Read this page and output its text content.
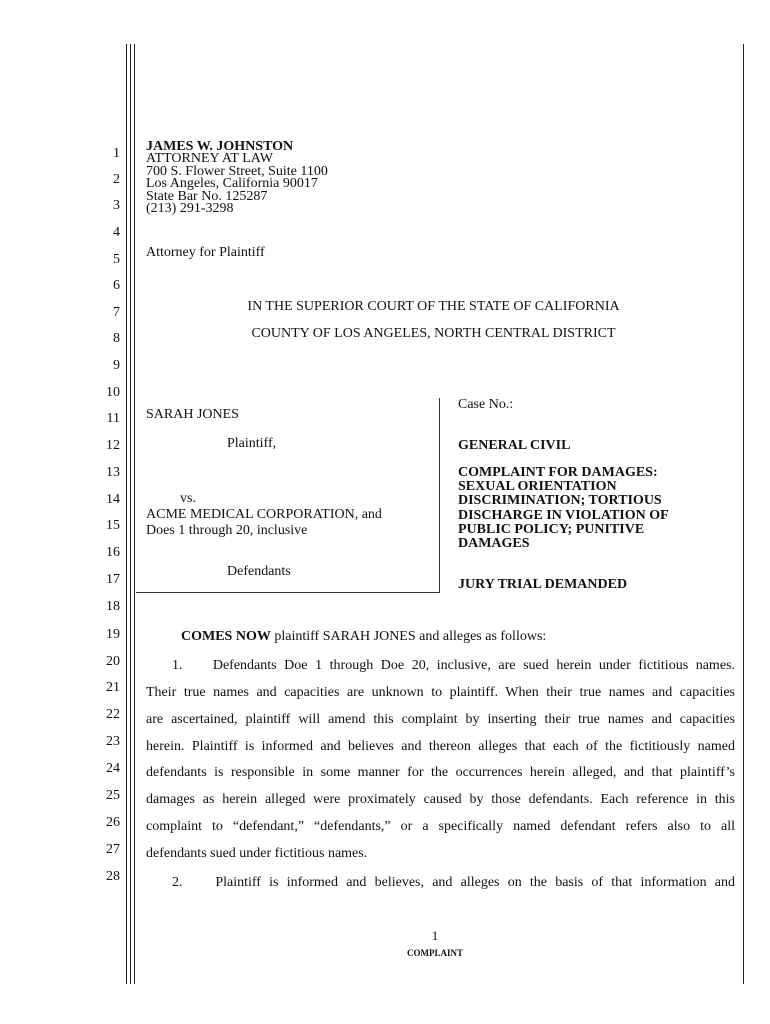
1
2
3
4
5
6
7
8
9
10
11
12
13
14
15
16
17
18
19
20
21
22
23
24
25
26
27
28
JAMES W. JOHNSTON
ATTORNEY AT LAW
700 S. Flower Street, Suite 1100
Los Angeles, California 90017
State Bar No. 125287
(213) 291-3298
Attorney for Plaintiff
IN THE SUPERIOR COURT OF THE STATE OF CALIFORNIA
COUNTY OF LOS ANGELES, NORTH CENTRAL DISTRICT
SARAH JONES
Plaintiff,
vs.
ACME MEDICAL CORPORATION, and
Does 1 through 20, inclusive
Defendants
Case No.:
GENERAL CIVIL
COMPLAINT FOR DAMAGES:
SEXUAL ORIENTATION
DISCRIMINATION; TORTIOUS
DISCHARGE IN VIOLATION OF
PUBLIC POLICY; PUNITIVE
DAMAGES
JURY TRIAL DEMANDED
COMES NOW plaintiff SARAH JONES and alleges as follows:
1.    Defendants Doe 1 through Doe 20, inclusive, are sued herein under fictitious names.
Their true names and capacities are unknown to plaintiff. When their true names and capacities
are ascertained, plaintiff will amend this complaint by inserting their true names and capacities
herein. Plaintiff is informed and believes and thereon alleges that each of the fictitiously named
defendants is responsible in some manner for the occurrences herein alleged, and that plaintiff’s
damages as herein alleged were proximately caused by those defendants. Each reference in this
complaint to “defendant,” “defendants,” or a specifically named defendant refers also to all
defendants sued under fictitious names.
2.    Plaintiff is informed and believes, and alleges on the basis of that information and
1
COMPLAINT
